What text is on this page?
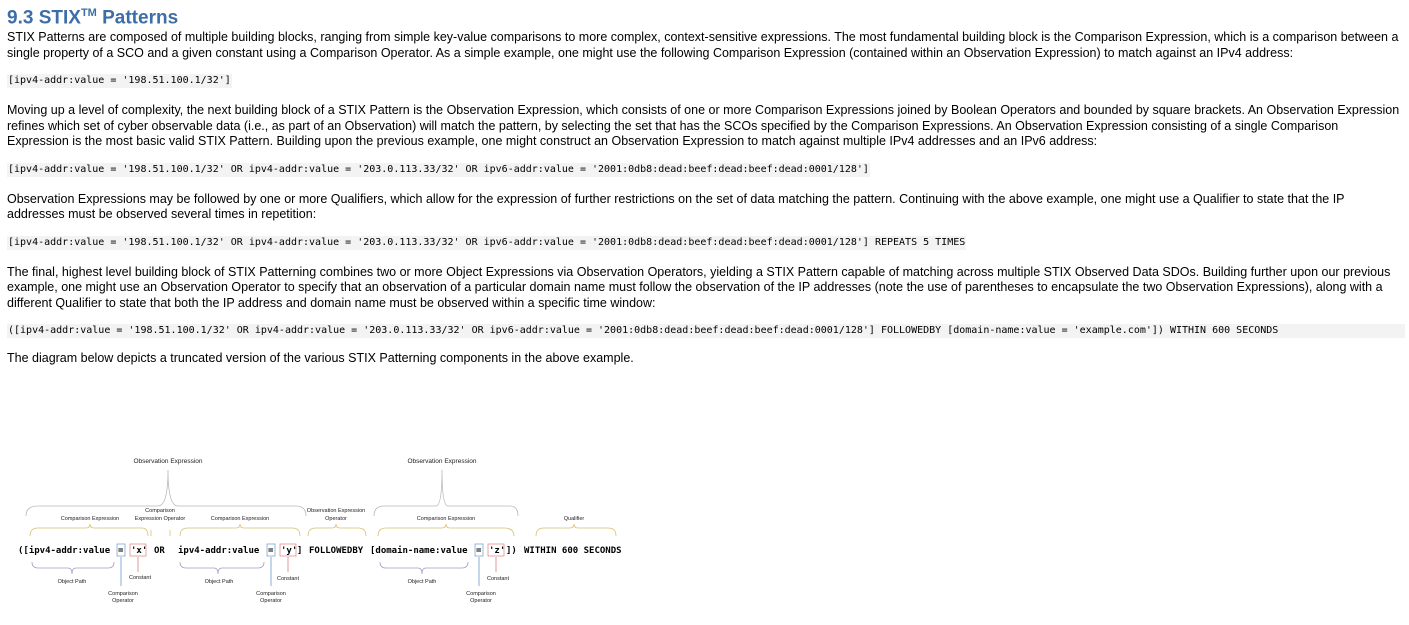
9.3 STIX™ Patterns

STIX Patterns are composed of multiple building blocks, ranging from simple key-value comparisons to more complex, context-sensitive expressions. The most fundamental building block is the Comparison Expression, which is a comparison between a single property of a SCO and a given constant using a Comparison Operator. As a simple example, one might use the following Comparison Expression (contained within an Observation Expression) to match against an IPv4 address:

[ipv4-addr:value = '198.51.100.1/32']

Moving up a level of complexity, the next building block of a STIX Pattern is the Observation Expression, which consists of one or more Comparison Expressions joined by Boolean Operators and bounded by square brackets. An Observation Expression refines which set of cyber observable data (i.e., as part of an Observation) will match the pattern, by selecting the set that has the SCOs specified by the Comparison Expressions. An Observation Expression consisting of a single Comparison Expression is the most basic valid STIX Pattern. Building upon the previous example, one might construct an Observation Expression to match against multiple IPv4 addresses and an IPv6 address:

[ipv4-addr:value = '198.51.100.1/32' OR ipv4-addr:value = '203.0.113.33/32' OR ipv6-addr:value = '2001:0db8:dead:beef:dead:beef:dead:0001/128']

Observation Expressions may be followed by one or more Qualifiers, which allow for the expression of further restrictions on the set of data matching the pattern. Continuing with the above example, one might use a Qualifier to state that the IP addresses must be observed several times in repetition:

[ipv4-addr:value = '198.51.100.1/32' OR ipv4-addr:value = '203.0.113.33/32' OR ipv6-addr:value = '2001:0db8:dead:beef:dead:beef:dead:0001/128'] REPEATS 5 TIMES

The final, highest level building block of STIX Patterning combines two or more Object Expressions via Observation Operators, yielding a STIX Pattern capable of matching across multiple STIX Observed Data SDOs. Building further upon our previous example, one might use an Observation Operator to specify that an observation of a particular domain name must follow the observation of the IP addresses (note the use of parentheses to encapsulate the two Observation Expressions), along with a different Qualifier to state that both the IP address and domain name must be observed within a specific time window:

([ipv4-addr:value = '198.51.100.1/32' OR ipv4-addr:value = '203.0.113.33/32' OR ipv6-addr:value = '2001:0db8:dead:beef:dead:beef:dead:0001/128'] FOLLOWEDBY [domain-name:value = 'example.com']) WITHIN 600 SECONDS

The diagram below depicts a truncated version of the various STIX Patterning components in the above example.

Observation Expression	Observation Expression
Comparison Expression
Comparison
Expression Operator	Comparison Expression
Observation Expression
Operator	Comparison Expression	Qualifier
([ipv4-addr:value = 'x' OR ipv4-addr:value = 'y' ] FOLLOWEDBY [domain-name:value = 'z' ]) WITHIN 600 SECONDS
Object Path
Constant
Comparison
Operator
Object Path	Constant
Comparison
Operator
Object Path	Constant
Comparison
Operator
